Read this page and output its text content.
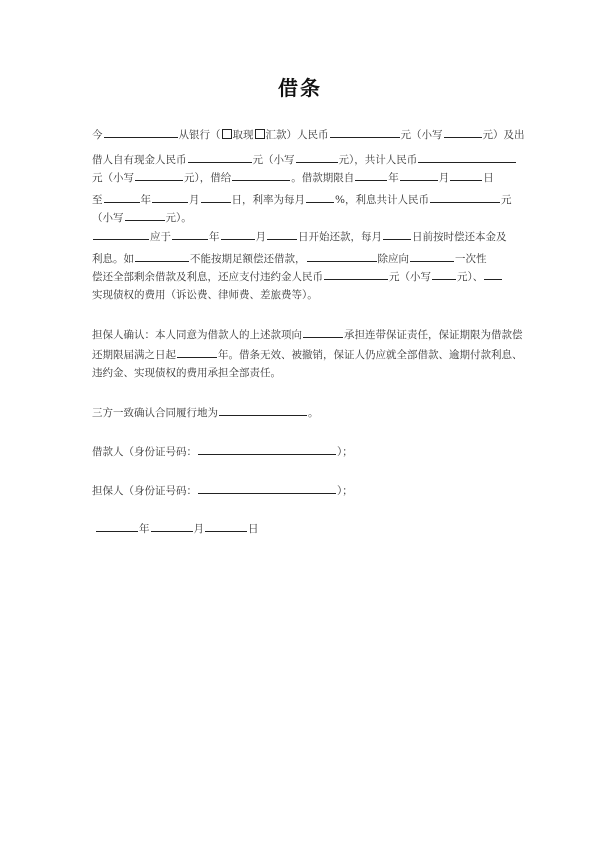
借条
今	从银行（ 取现 汇款）人民币	元（小写	元）及出
借人自有现金人民币	元（小写	元），共计人民币
元（小写	元），借给	。借款期限自	年	月	日
至	年	月	日，利率为每月	%，利息共计人民币	元
（小写	元）。
应于	年	月	日开始还款，每月	日前按时偿还本金及
利息。如	不能按期足额偿还借款，	除应向	一次性
偿还全部剩余借款及利息，还应支付违约金人民币	元（小写 元）、
实现债权的费用（诉讼费、律师费、差旅费等）。
担保人确认：本人同意为借款人的上述款项向	承担连带保证责任，保证期限为借款偿
还期限届满之日起	年。借条无效、被撤销，保证人仍应就全部借款、逾期付款利息、
违约金、实现债权的费用承担全部责任。
三方一致确认合同履行地为	。
借款人（身份证号码：	）；
担保人（身份证号码：	）；
年	月	日
